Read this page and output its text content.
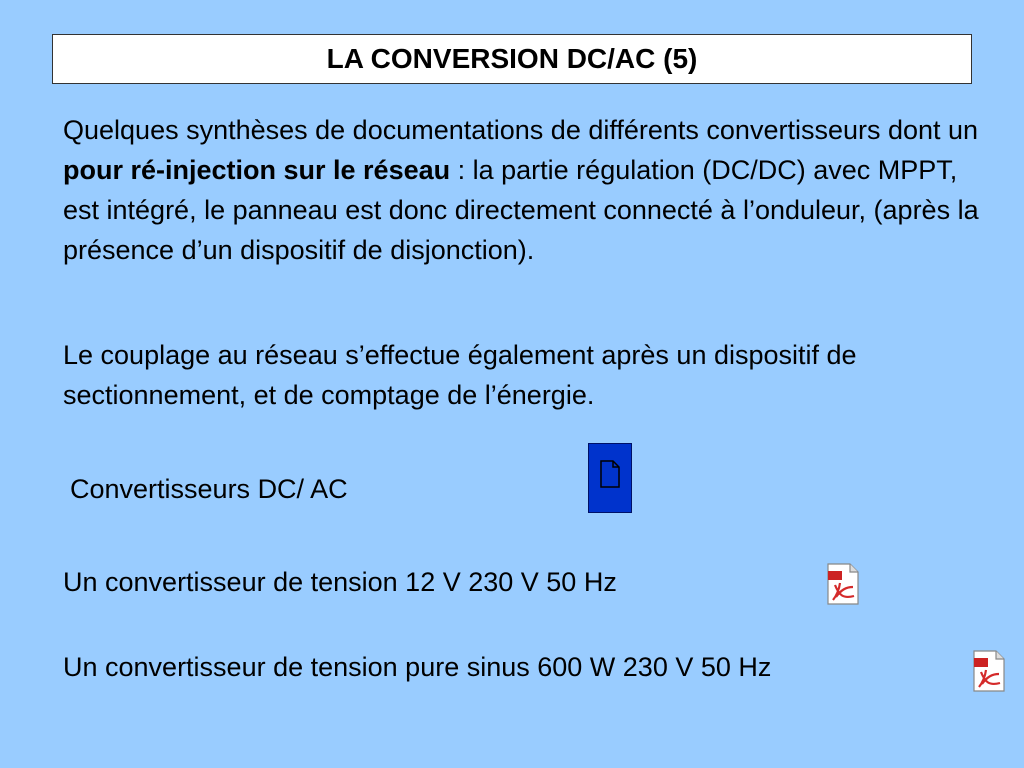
LA CONVERSION DC/AC (5)

Quelques synthèses de documentations de différents convertisseurs dont un pour ré-injection sur le réseau : la partie régulation (DC/DC) avec MPPT, est intégré, le panneau est donc directement connecté à l’onduleur, (après la présence d’un dispositif de disjonction).

Le couplage au réseau s’effectue également après un dispositif de sectionnement, et de comptage de l’énergie.

Convertisseurs DC/ AC
Un convertisseur de tension 12 V 230 V 50 Hz
Un convertisseur de tension pure sinus 600 W 230 V 50 Hz
